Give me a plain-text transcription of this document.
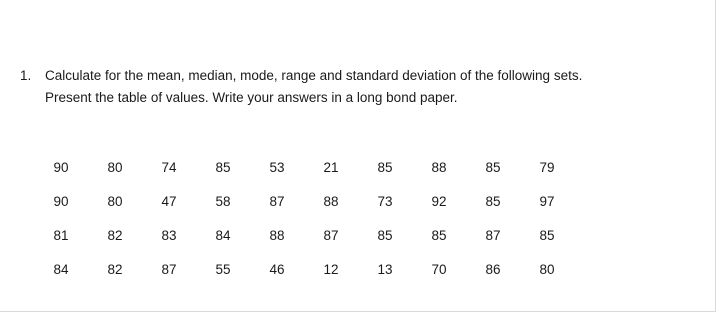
1. Calculate for the mean, median, mode, range and standard deviation of the following sets.
Present the table of values. Write your answers in a long bond paper.
90	80	74	85	53	21	85	88	85	79
90	80	47	58	87	88	73	92	85	97
81	82	83	84	88	87	85	85	87	85
84	82	87	55	46	12	13	70	86	80
